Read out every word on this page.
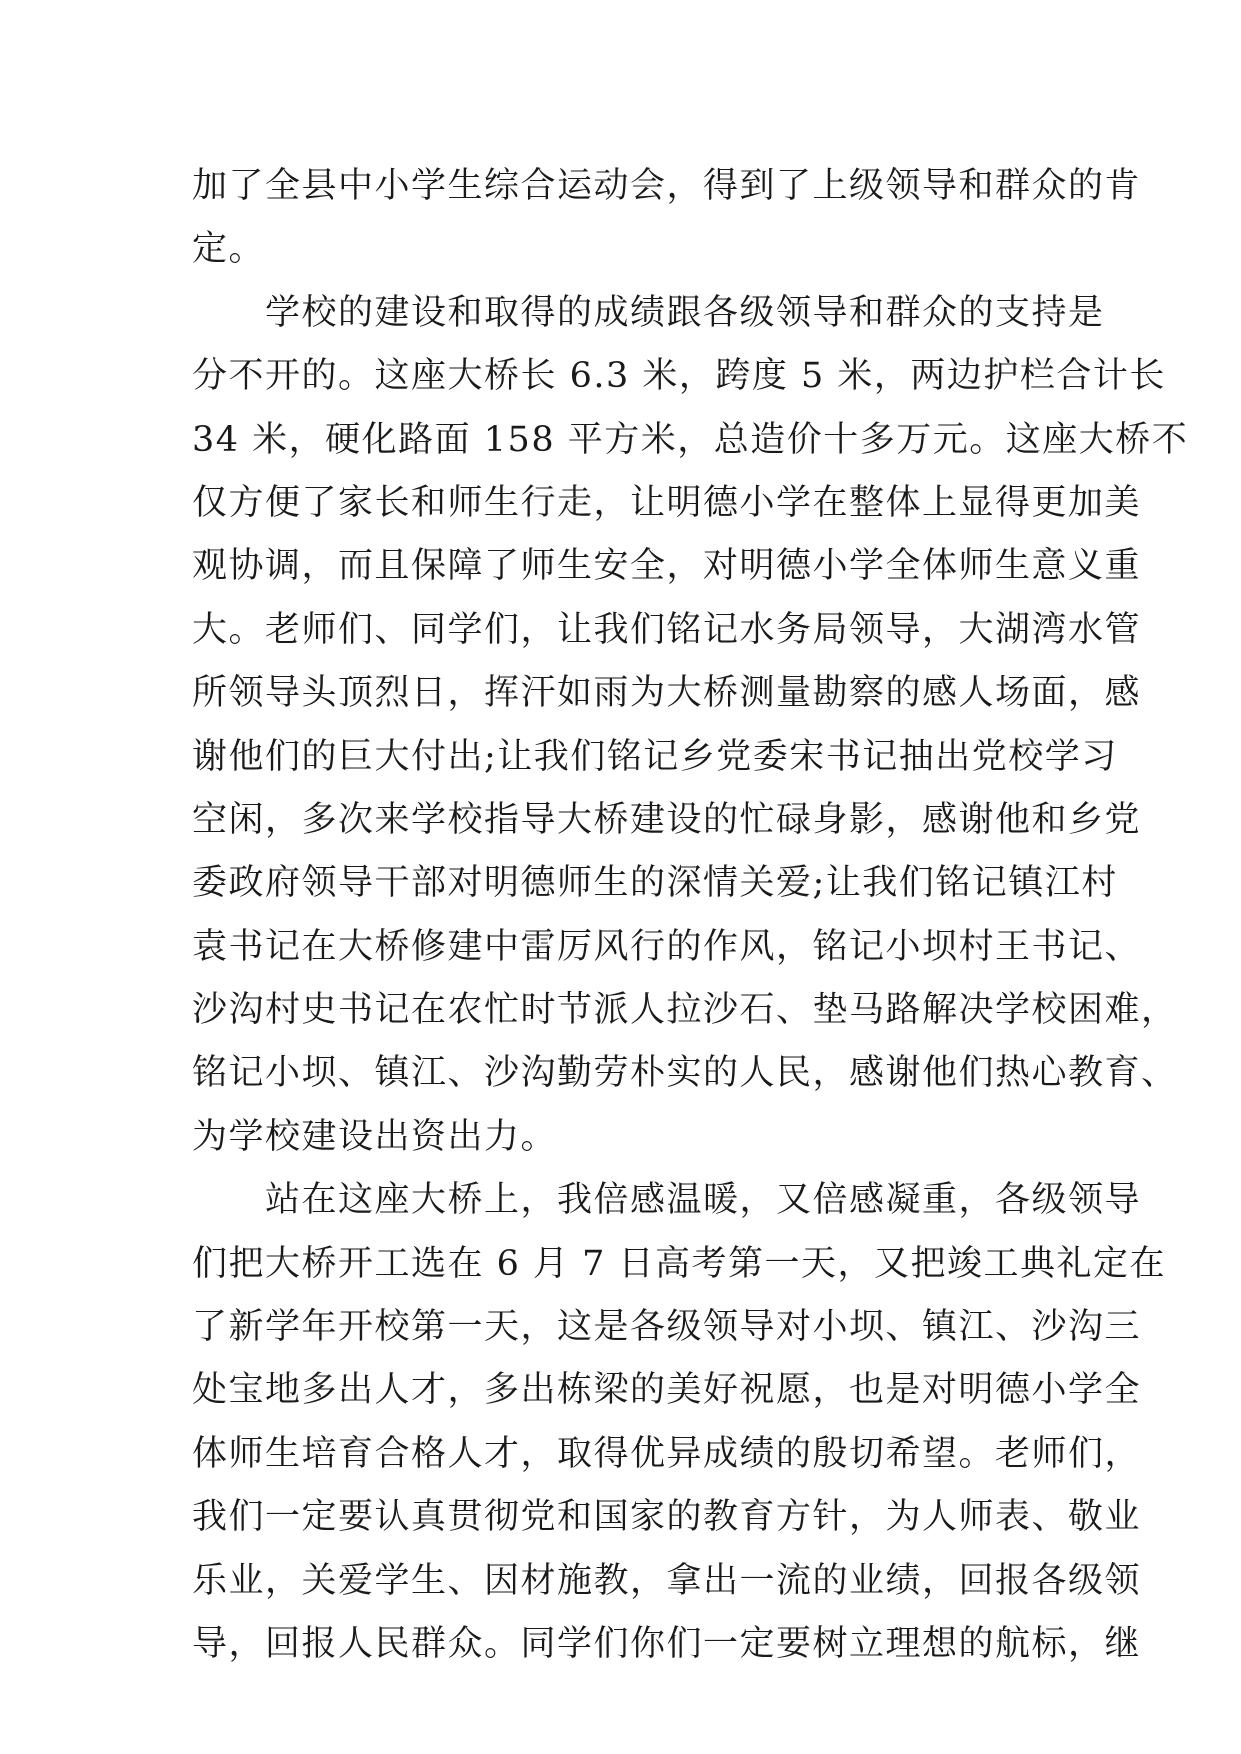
加了全县中小学生综合运动会，得到了上级领导和群众的肯
定。
　　学校的建设和取得的成绩跟各级领导和群众的支持是
分不开的。这座大桥长 6.3 米，跨度 5 米，两边护栏合计长
34 米，硬化路面 158 平方米，总造价十多万元。这座大桥不
仅方便了家长和师生行走，让明德小学在整体上显得更加美
观协调，而且保障了师生安全，对明德小学全体师生意义重
大。老师们、同学们，让我们铭记水务局领导，大湖湾水管
所领导头顶烈日，挥汗如雨为大桥测量勘察的感人场面，感
谢他们的巨大付出;让我们铭记乡党委宋书记抽出党校学习
空闲，多次来学校指导大桥建设的忙碌身影，感谢他和乡党
委政府领导干部对明德师生的深情关爱;让我们铭记镇江村
袁书记在大桥修建中雷厉风行的作风，铭记小坝村王书记、
沙沟村史书记在农忙时节派人拉沙石、垫马路解决学校困难，
铭记小坝、镇江、沙沟勤劳朴实的人民，感谢他们热心教育、
为学校建设出资出力。
　　站在这座大桥上，我倍感温暖，又倍感凝重，各级领导
们把大桥开工选在 6 月 7 日高考第一天，又把竣工典礼定在
了新学年开校第一天，这是各级领导对小坝、镇江、沙沟三
处宝地多出人才，多出栋梁的美好祝愿，也是对明德小学全
体师生培育合格人才，取得优异成绩的殷切希望。老师们，
我们一定要认真贯彻党和国家的教育方针，为人师表、敬业
乐业，关爱学生、因材施教，拿出一流的业绩，回报各级领
导，回报人民群众。同学们你们一定要树立理想的航标，继
